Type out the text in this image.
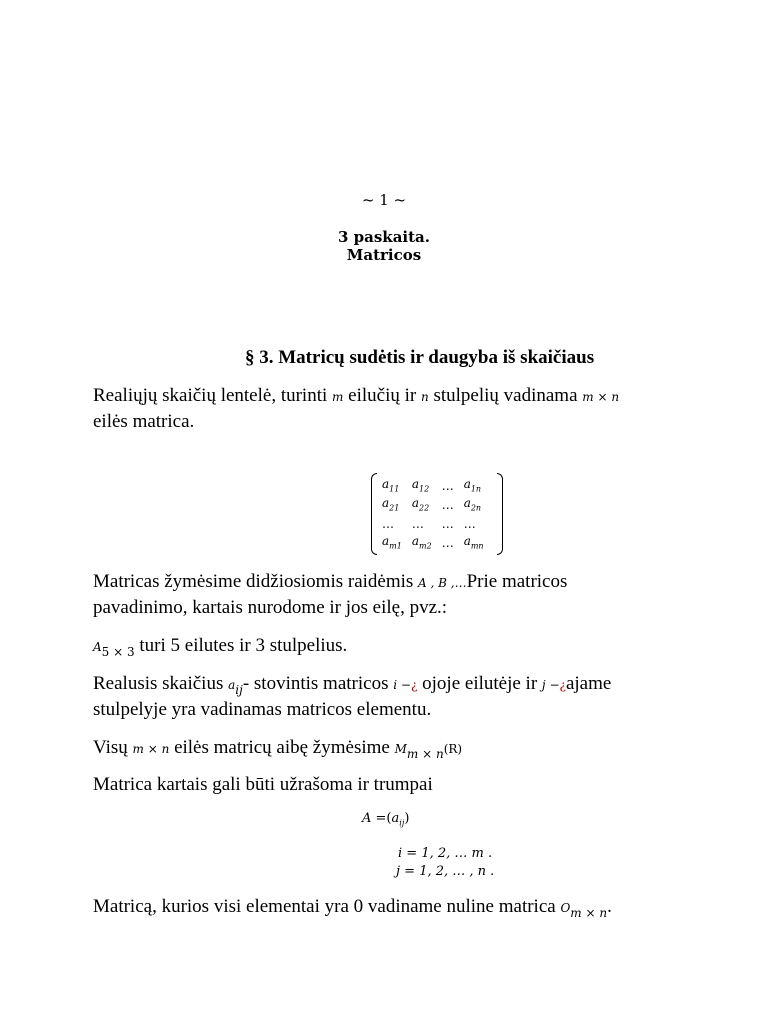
~ 1 ~
3 paskaita.
Matricos
§ 3. Matricų sudėtis ir daugyba iš skaičiaus
Realiųjų skaičių lentelė, turinti m eilučių ir n stulpelių vadinama m × n
eilės matrica.
$a_{11}$	$a_{12}$	…	$a_{1n}$
$a_{21}$	$a_{22}$	…	$a_{2n}$
…	…	…	…
$a_{m1}$	$a_{m2}$	…	$a_{mn}$
Matricas žymėsime didžiosiomis raidėmis A , B ,…Prie matricos
pavadinimo, kartais nurodome ir jos eilę, pvz.:
$A_{5 \times 3}$ turi 5 eilutes ir 3 stulpelius.
Realusis skaičius $a_{ij}-$ stovintis matricos i −¿ ojoje eilutėje ir j −¿ajame
stulpelyje yra vadinamas matricos elementu.
Visų m × n eilės matricų aibę žymėsime $M_{m \times n}(R)$
Matrica kartais gali būti užrašoma ir trumpai
$A =(a_{ij})$
i = 1, 2, … m .
j = 1, 2, … , n .
Matricą, kurios visi elementai yra 0 vadiname nuline matrica $O_{m \times n}$.
